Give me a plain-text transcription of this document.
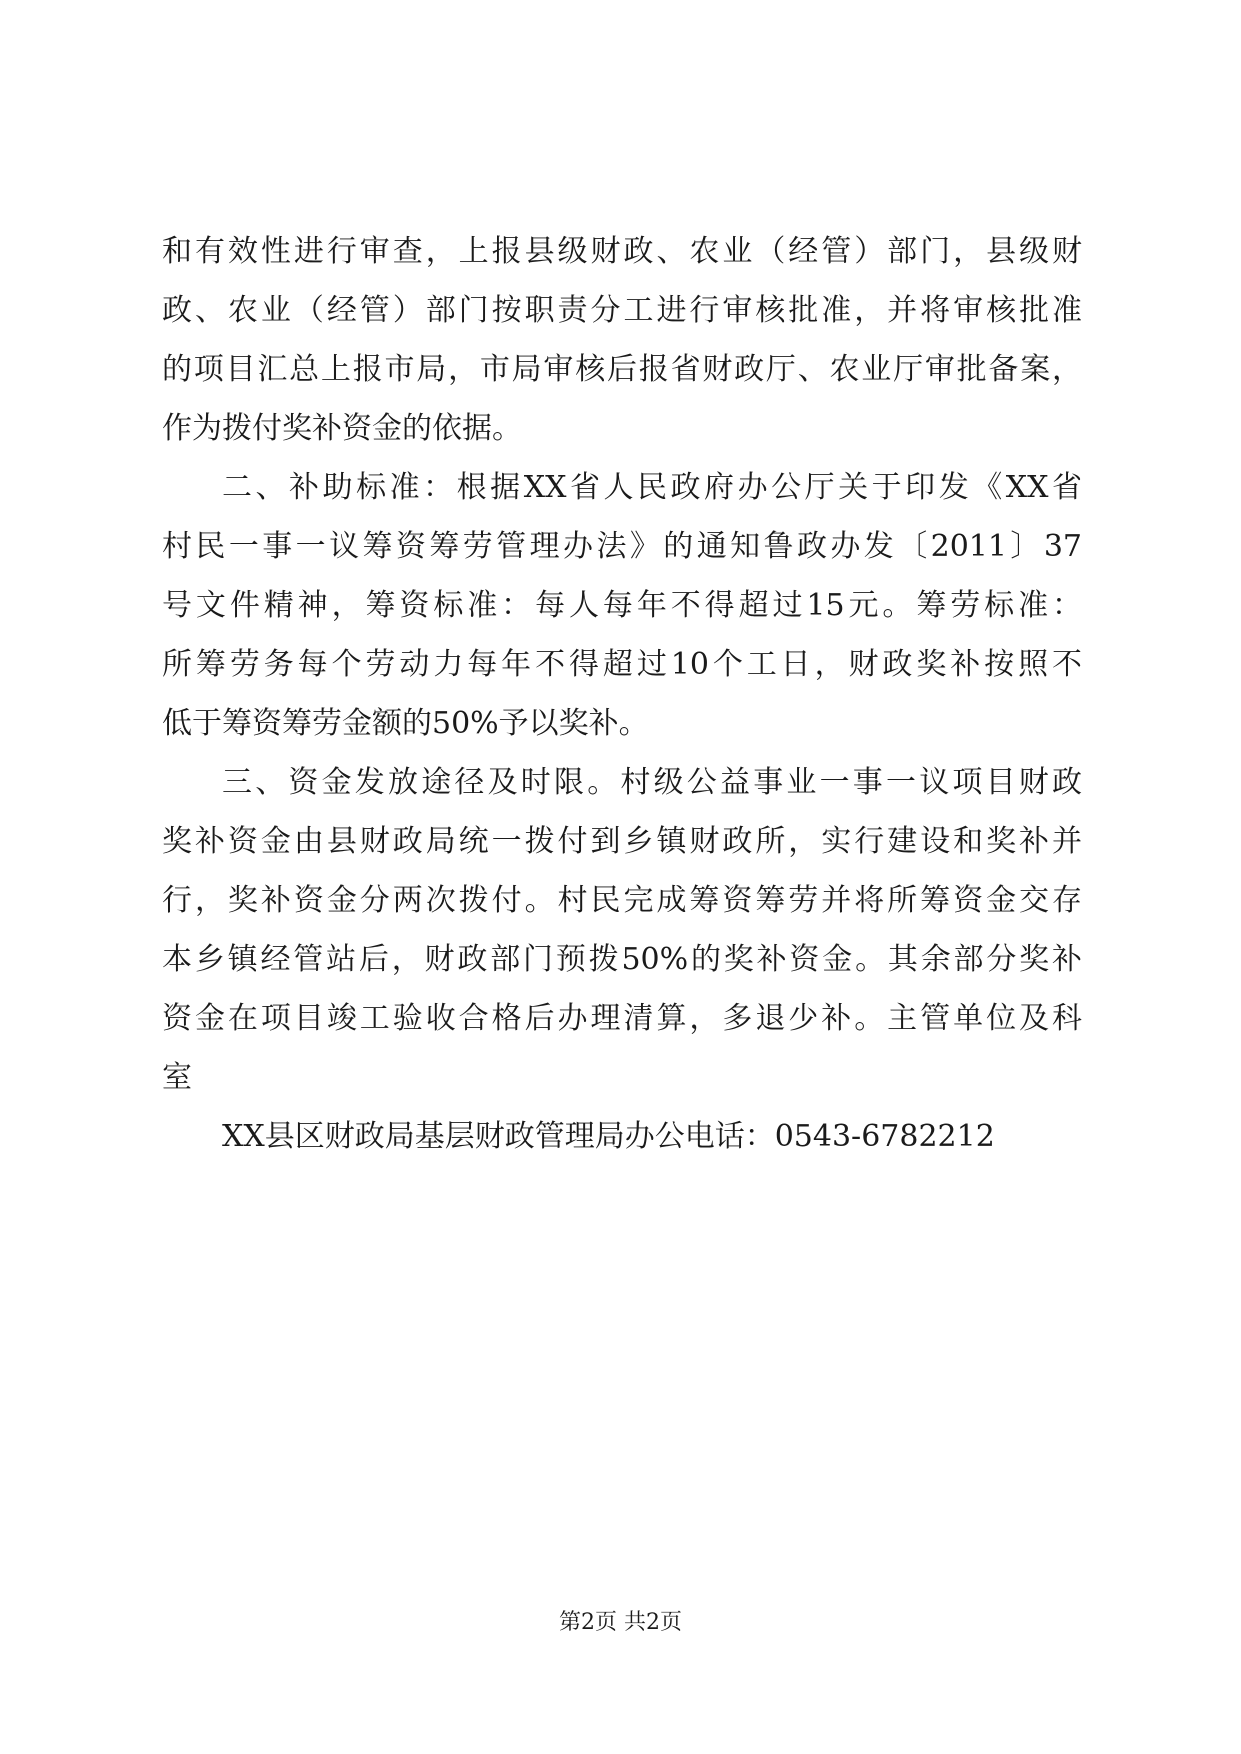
和有效性进行审查，上报县级财政、农业（经管）部门，县级财
政、农业（经管）部门按职责分工进行审核批准，并将审核批准
的项目汇总上报市局，市局审核后报省财政厅、农业厅审批备案，
作为拨付奖补资金的依据。
二、补助标准：根据XX省人民政府办公厅关于印发《XX省
村民一事一议筹资筹劳管理办法》的通知鲁政办发〔2011〕37
号文件精神，筹资标准：每人每年不得超过15元。筹劳标准：
所筹劳务每个劳动力每年不得超过10个工日，财政奖补按照不
低于筹资筹劳金额的50%予以奖补。
三、资金发放途径及时限。村级公益事业一事一议项目财政
奖补资金由县财政局统一拨付到乡镇财政所，实行建设和奖补并
行，奖补资金分两次拨付。村民完成筹资筹劳并将所筹资金交存
本乡镇经管站后，财政部门预拨50%的奖补资金。其余部分奖补
资金在项目竣工验收合格后办理清算，多退少补。主管单位及科
室
XX县区财政局基层财政管理局办公电话：0543-6782212
第2页 共2页
